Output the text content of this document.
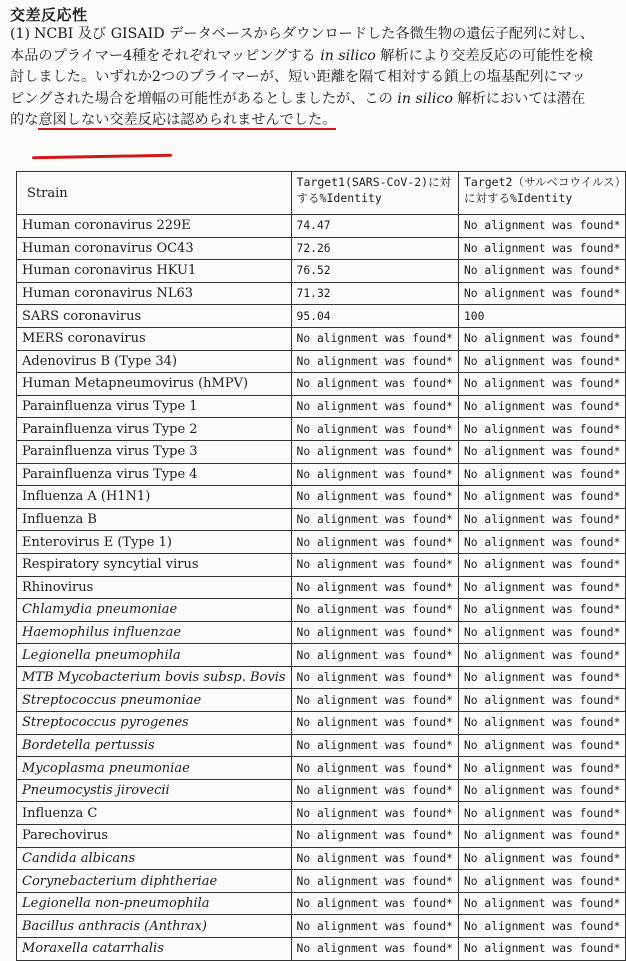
交差反応性
(1) NCBI 及び GISAID データベースからダウンロードした各微生物の遺伝子配列に対し、本品のプライマー4種をそれぞれマッピングする in silico 解析により交差反応の可能性を検討しました。いずれか2つのプライマーが、短い距離を隔て相対する鎖上の塩基配列にマッピングされた場合を増幅の可能性があるとしましたが、この in silico 解析においては潜在的な意図しない交差反応は認められませんでした。
Strain	Target1(SARS-CoV-2)に対する%Identity	Target2（サルベコウイルス）に対する%Identity
Human coronavirus 229E	74.47	No alignment was found*
Human coronavirus OC43	72.26	No alignment was found*
Human coronavirus HKU1	76.52	No alignment was found*
Human coronavirus NL63	71.32	No alignment was found*
SARS coronavirus	95.04	100
MERS coronavirus	No alignment was found*	No alignment was found*
Adenovirus B (Type 34)	No alignment was found*	No alignment was found*
Human Metapneumovirus (hMPV)	No alignment was found*	No alignment was found*
Parainfluenza virus Type 1	No alignment was found*	No alignment was found*
Parainfluenza virus Type 2	No alignment was found*	No alignment was found*
Parainfluenza virus Type 3	No alignment was found*	No alignment was found*
Parainfluenza virus Type 4	No alignment was found*	No alignment was found*
Influenza A (H1N1)	No alignment was found*	No alignment was found*
Influenza B	No alignment was found*	No alignment was found*
Enterovirus E (Type 1)	No alignment was found*	No alignment was found*
Respiratory syncytial virus	No alignment was found*	No alignment was found*
Rhinovirus	No alignment was found*	No alignment was found*
Chlamydia pneumoniae	No alignment was found*	No alignment was found*
Haemophilus influenzae	No alignment was found*	No alignment was found*
Legionella pneumophila	No alignment was found*	No alignment was found*
MTB Mycobacterium bovis subsp. Bovis	No alignment was found*	No alignment was found*
Streptococcus pneumoniae	No alignment was found*	No alignment was found*
Streptococcus pyrogenes	No alignment was found*	No alignment was found*
Bordetella pertussis	No alignment was found*	No alignment was found*
Mycoplasma pneumoniae	No alignment was found*	No alignment was found*
Pneumocystis jirovecii	No alignment was found*	No alignment was found*
Influenza C	No alignment was found*	No alignment was found*
Parechovirus	No alignment was found*	No alignment was found*
Candida albicans	No alignment was found*	No alignment was found*
Corynebacterium diphtheriae	No alignment was found*	No alignment was found*
Legionella non-pneumophila	No alignment was found*	No alignment was found*
Bacillus anthracis (Anthrax)	No alignment was found*	No alignment was found*
Moraxella catarrhalis	No alignment was found*	No alignment was found*
